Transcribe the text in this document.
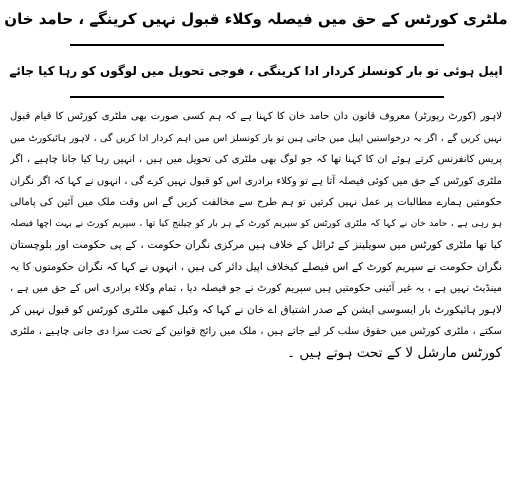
ملٹری کورٹس کے حق میں فیصلہ وکلاء قبول نہیں کرینگے ، حامد خان
اپیل ہوئی تو بار کونسلز کردار ادا کرینگی ، فوجی تحویل میں لوگوں کو رہا کیا جائے
لاہور (کورٹ رپورٹر) معروف قانون دان حامد خان کا کہنا ہے کہ ہم کسی صورت بھی ملٹری کورٹس کا قیام قبول
نہیں کریں گے ، اگر یہ درخواستیں اپیل میں جاتی ہیں تو بار کونسلز اس میں اہم کردار ادا کریں گی ، لاہور ہائیکورٹ میں
پریس کانفرنس کرتے ہوئے ان کا کہنا تھا کہ جو لوگ بھی ملٹری کی تحویل میں ہیں ، انہیں رہا کیا جانا چاہیے ، اگر
ملٹری کورٹس کے حق میں کوئی فیصلہ آتا ہے تو وکلاء برادری اس کو قبول نہیں کرے گی ، انہوں نے کہا کہ اگر نگران
حکومتیں ہمارے مطالبات پر عمل نہیں کرتیں تو ہم طرح سے مخالفت کریں گے اس وقت ملک میں آئین کی پامالی
ہو رہی ہے ، حامد خان نے کہا کہ ملٹری کورٹس کو سپریم کورٹ کے ہر بار کو چیلنج کیا تھا ، سپریم کورٹ نے بہت اچھا فیصلہ
کیا تھا ملٹری کورٹس میں سویلینز کے ٹرائل کے خلاف ہیں مرکزی نگران حکومت ، کے پی حکومت اور بلوچستان
نگران حکومت نے سپریم کورٹ کے اس فیصلے کیخلاف اپیل دائر کی ہیں ، انہوں نے کہا کہ نگران حکومتوں کا یہ
مینڈیٹ نہیں ہے ، یہ غیر آئینی حکومتیں ہیں سپریم کورٹ نے جو فیصلہ دیا ، تمام وکلاء برادری اس کے حق میں ہے ،
لاہور ہائیکورٹ بار ایسوسی ایشن کے صدر اشتیاق اے خان نے کہا کہ وکیل کبھی ملٹری کورٹس کو قبول نہیں کر
سکتے ، ملٹری کورٹس میں حقوق سلب کر لیے جاتے ہیں ، ملک میں رائج قوانین کے تحت سزا دی جانی چاہیے ، ملٹری
کورٹس مارشل لا کے تحت ہوتے ہیں ۔
